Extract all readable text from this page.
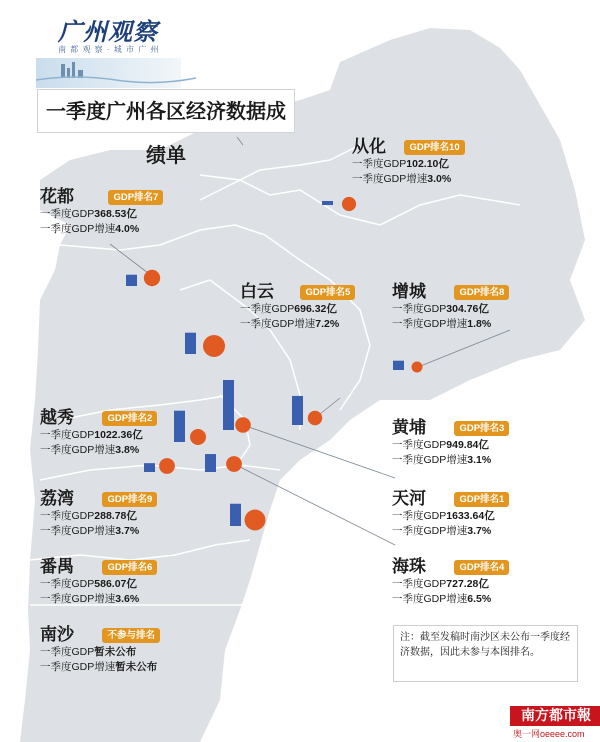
广州观察
南 都 观 察 · 城 市 广 州
一季度广州各区经济数据成绩单	从化 GDP排名10
一季度GDP102.10亿
一季度GDP增速3.0%
花都	GDP排名7
一季度GDP368.53亿
一季度GDP增速4.0%
白云	GDP排名5
一季度GDP696.32亿
一季度GDP增速7.2%
增城	GDP排名8
一季度GDP304.76亿
一季度GDP增速1.8%
越秀	GDP排名2
一季度GDP1022.36亿
一季度GDP增速3.8%
黄埔	GDP排名3
一季度GDP949.84亿
一季度GDP增速3.1%
荔湾	GDP排名9
一季度GDP288.78亿
一季度GDP增速3.7%
天河	GDP排名1
一季度GDP1633.64亿
一季度GDP增速3.7%
番禺	GDP排名6
一季度GDP586.07亿
一季度GDP增速3.6%
海珠	GDP排名4
一季度GDP727.28亿
一季度GDP增速6.5%
南沙	不参与排名
一季度GDP暂未公布
一季度GDP增速暂未公布
注：截至发稿时南沙区未公布一季度经济数据，因此未参与本图排名。
南方都市報
奥一网oeeee.com
